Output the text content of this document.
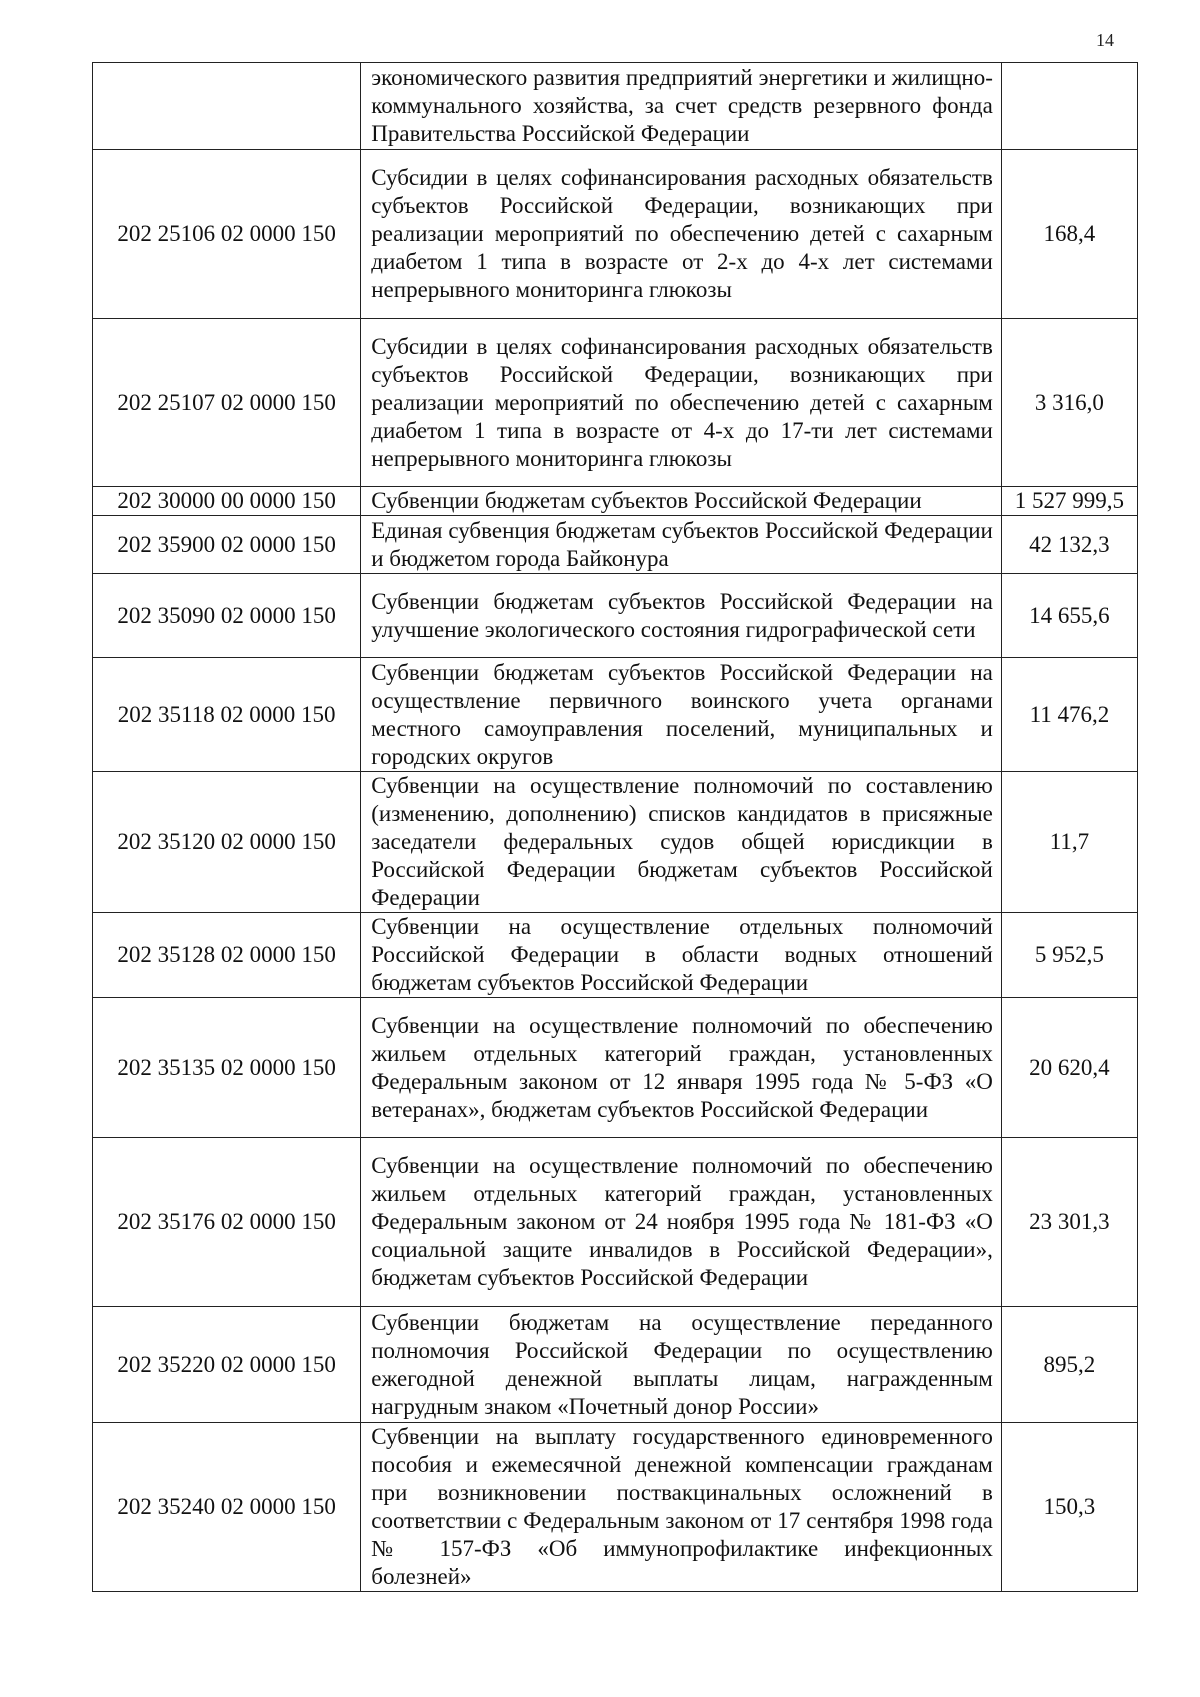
14
	экономического развития предприятий энергетики и жилищно-коммунального хозяйства, за счет средств резервного фонда Правительства Российской Федерации	
202 25106 02 0000 150	Субсидии в целях софинансирования расходных обязательств субъектов Российской Федерации, возникающих при реализации мероприятий по обеспечению детей с сахарным диабетом 1 типа в возрасте от 2-х до 4-х лет системами непрерывного мониторинга глюкозы	168,4
202 25107 02 0000 150	Субсидии в целях софинансирования расходных обязательств субъектов Российской Федерации, возникающих при реализации мероприятий по обеспечению детей с сахарным диабетом 1 типа в возрасте от 4-х до 17-ти лет системами непрерывного мониторинга глюкозы	3 316,0
202 30000 00 0000 150	Субвенции бюджетам субъектов Российской Федерации	1 527 999,5
202 35900 02 0000 150	Единая субвенция бюджетам субъектов Российской Федерации и бюджетом города Байконура	42 132,3
202 35090 02 0000 150	Субвенции бюджетам субъектов Российской Федерации на улучшение экологического состояния гидрографической сети	14 655,6
202 35118 02 0000 150	Субвенции бюджетам субъектов Российской Федерации на осуществление первичного воинского учета органами местного самоуправления поселений, муниципальных и городских округов	11 476,2
202 35120 02 0000 150	Субвенции на осуществление полномочий по составлению (изменению, дополнению) списков кандидатов в присяжные заседатели федеральных судов общей юрисдикции в Российской Федерации бюджетам субъектов Российской Федерации	11,7
202 35128 02 0000 150	Субвенции на осуществление отдельных полномочий Российской Федерации в области водных отношений бюджетам субъектов Российской Федерации	5 952,5
202 35135 02 0000 150	Субвенции на осуществление полномочий по обеспечению жильем отдельных категорий граждан, установленных Федеральным законом от 12 января 1995 года № 5-ФЗ «О ветеранах», бюджетам субъектов Российской Федерации	20 620,4
202 35176 02 0000 150	Субвенции на осуществление полномочий по обеспечению жильем отдельных категорий граждан, установленных Федеральным законом от 24 ноября 1995 года № 181-ФЗ «О социальной защите инвалидов в Российской Федерации», бюджетам субъектов Российской Федерации	23 301,3
202 35220 02 0000 150	Субвенции бюджетам на осуществление переданного полномочия Российской Федерации по осуществлению ежегодной денежной выплаты лицам, награжденным нагрудным знаком «Почетный донор России»	895,2
202 35240 02 0000 150	Субвенции на выплату государственного единовременного пособия и ежемесячной денежной компенсации гражданам при возникновении поствакцинальных осложнений в соответствии с Федеральным законом от 17 сентября 1998 года № 157-ФЗ «Об иммунопрофилактике инфекционных болезней»	150,3
